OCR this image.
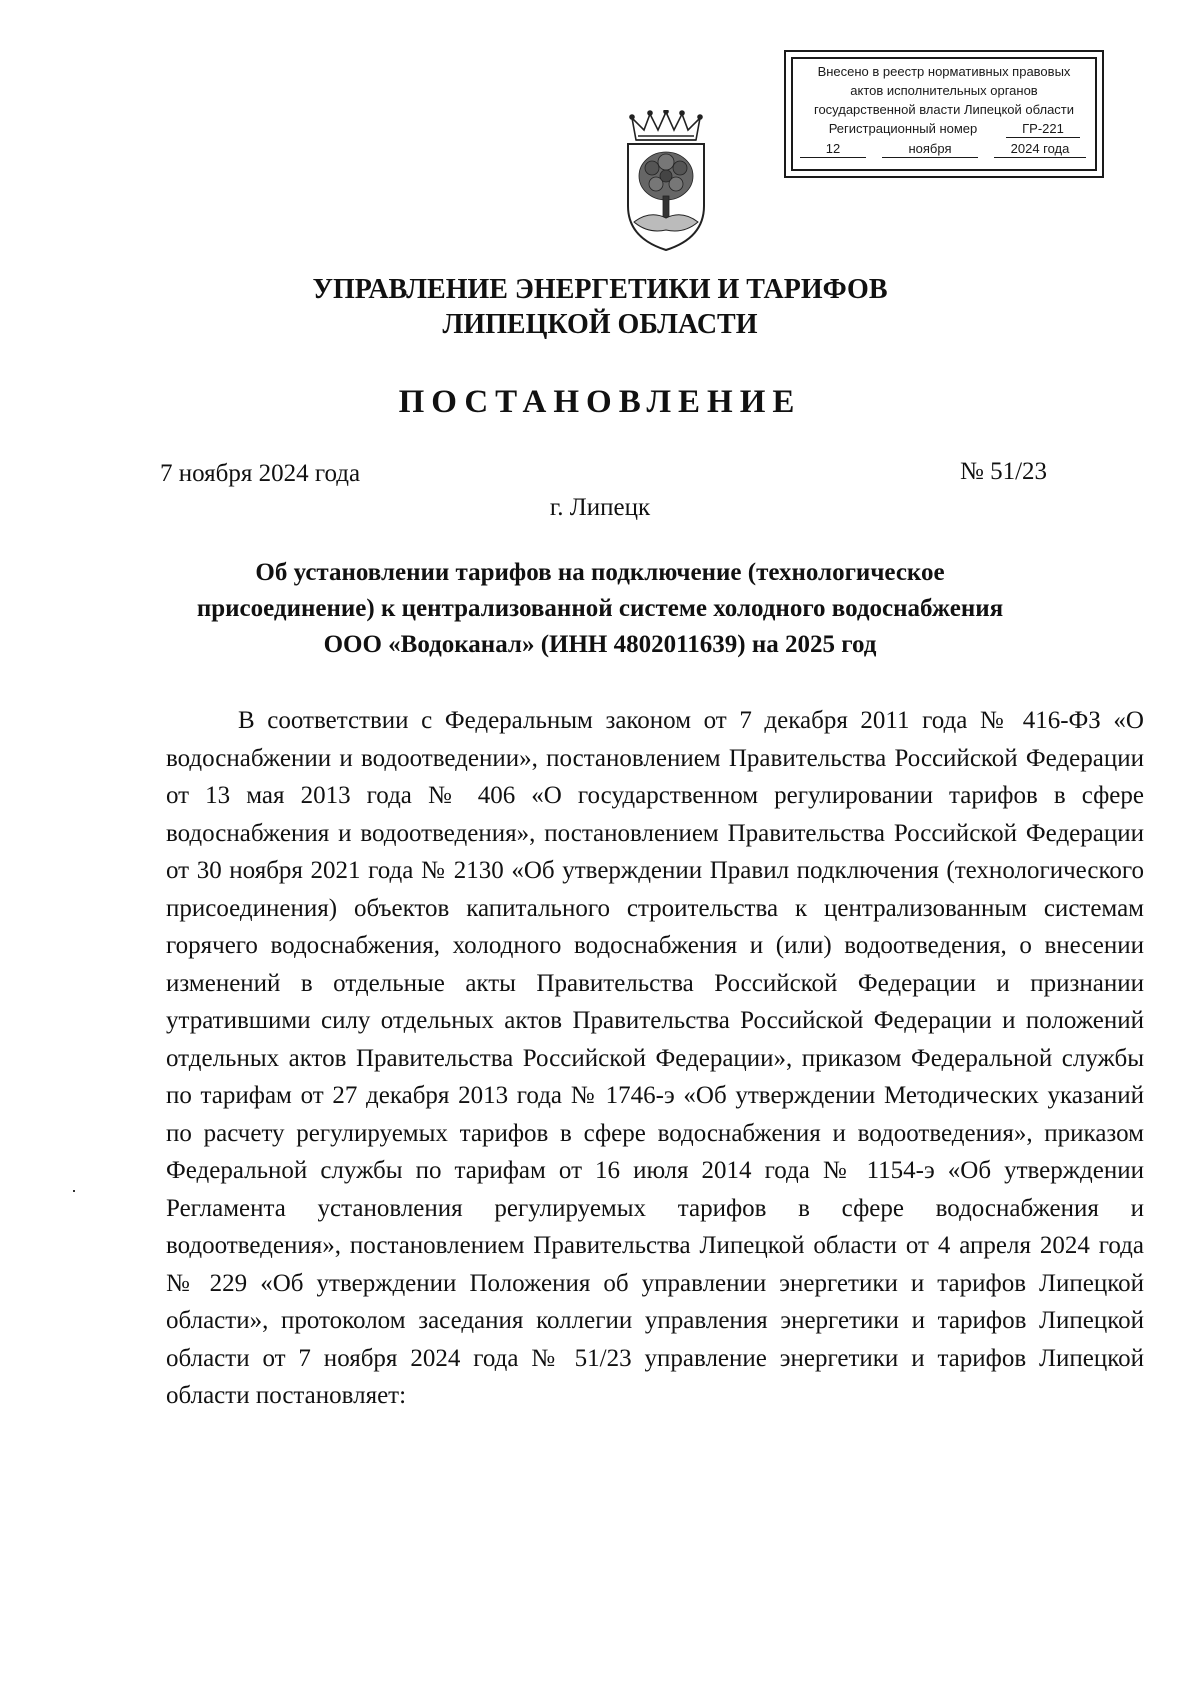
Внесено в реестр нормативных правовых
актов исполнительных органов
государственной власти Липецкой области
Регистрационный номер	ГР-221
12	ноября	2024 года
УПРАВЛЕНИЕ ЭНЕРГЕТИКИ И ТАРИФОВ
ЛИПЕЦКОЙ ОБЛАСТИ
ПОСТАНОВЛЕНИЕ
7 ноября 2024 года	№ 51/23
г. Липецк
Об установлении тарифов на подключение (технологическое
присоединение) к централизованной системе холодного водоснабжения
ООО «Водоканал» (ИНН 4802011639) на 2025 год

В соответствии с Федеральным законом от 7 декабря 2011 года № 416-ФЗ «О водоснабжении и водоотведении», постановлением Правительства Российской Федерации от 13 мая 2013 года № 406 «О государственном регулировании тарифов в сфере водоснабжения и водоотведения», постановлением Правительства Российской Федерации от 30 ноября 2021 года № 2130 «Об утверждении Правил подключения (технологического присоединения) объектов капитального строительства к централизованным системам горячего водоснабжения, холодного водоснабжения и (или) водоотведения, о внесении изменений в отдельные акты Правительства Российской Федерации и признании утратившими силу отдельных актов Правительства Российской Федерации и положений отдельных актов Правительства Российской Федерации», приказом Федеральной службы по тарифам от 27 декабря 2013 года № 1746-э «Об утверждении Методических указаний по расчету регулируемых тарифов в сфере водоснабжения и водоотведения», приказом Федеральной службы по тарифам от 16 июля 2014 года № 1154-э «Об утверждении Регламента установления регулируемых тарифов в сфере водоснабжения и водоотведения», постановлением Правительства Липецкой области от 4 апреля 2024 года № 229 «Об утверждении Положения об управлении энергетики и тарифов Липецкой области», протоколом заседания коллегии управления энергетики и тарифов Липецкой области от 7 ноября 2024 года № 51/23 управление энергетики и тарифов Липецкой области постановляет:
